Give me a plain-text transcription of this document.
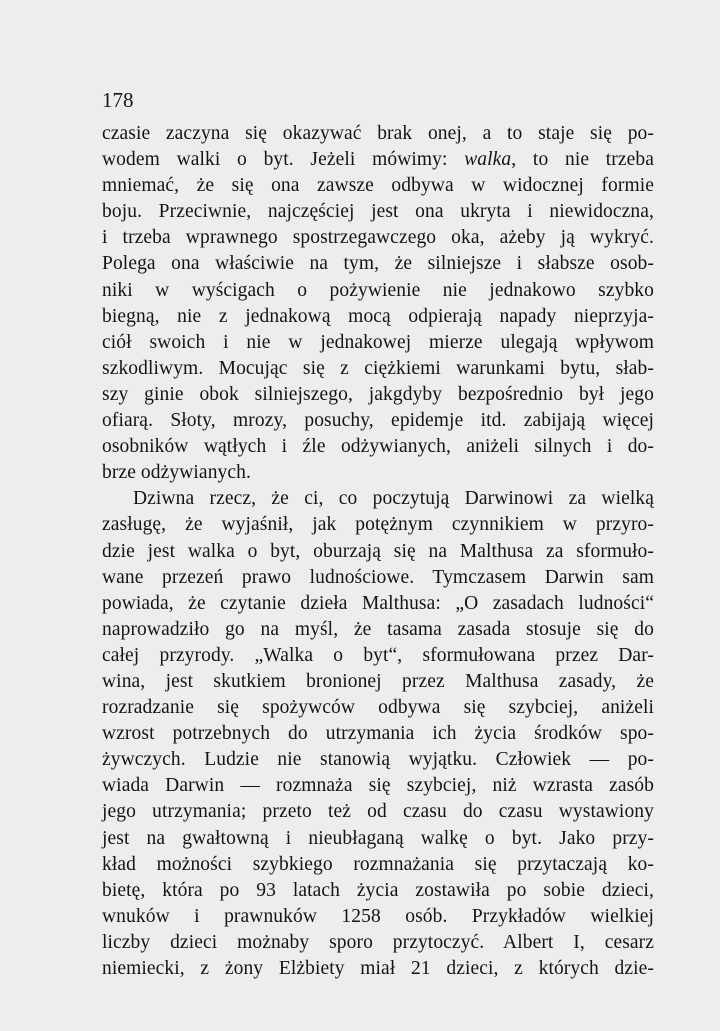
178
czasie zaczyna się okazywać brak onej, a to staje się po-
wodem walki o byt. Jeżeli mówimy: walka, to nie trzeba
mniemać, że się ona zawsze odbywa w widocznej formie
boju. Przeciwnie, najczęściej jest ona ukryta i niewidoczna,
i trzeba wprawnego spostrzegawczego oka, ażeby ją wykryć.
Polega ona właściwie na tym, że silniejsze i słabsze osob-
niki w wyścigach o pożywienie nie jednakowo szybko
biegną, nie z jednakową mocą odpierają napady nieprzyja-
ciół swoich i nie w jednakowej mierze ulegają wpływom
szkodliwym. Mocując się z ciężkiemi warunkami bytu, słab-
szy ginie obok silniejszego, jakgdyby bezpośrednio był jego
ofiarą. Słoty, mrozy, posuchy, epidemje itd. zabijają więcej
osobników wątłych i źle odżywianych, aniżeli silnych i do-
brze odżywianych.
Dziwna rzecz, że ci, co poczytują Darwinowi za wielką
zasługę, że wyjaśnił, jak potężnym czynnikiem w przyro-
dzie jest walka o byt, oburzają się na Malthusa za sformuło-
wane przezeń prawo ludnościowe. Tymczasem Darwin sam
powiada, że czytanie dzieła Malthusa: „O zasadach ludności“
naprowadziło go na myśl, że tasama zasada stosuje się do
całej przyrody. „Walka o byt“, sformułowana przez Dar-
wina, jest skutkiem bronionej przez Malthusa zasady, że
rozradzanie się spożywców odbywa się szybciej, aniżeli
wzrost potrzebnych do utrzymania ich życia środków spo-
żywczych. Ludzie nie stanowią wyjątku. Człowiek — po-
wiada Darwin — rozmnaża się szybciej, niż wzrasta zasób
jego utrzymania; przeto też od czasu do czasu wystawiony
jest na gwałtowną i nieubłaganą walkę o byt. Jako przy-
kład możności szybkiego rozmnażania się przytaczają ko-
bietę, która po 93 latach życia zostawiła po sobie dzieci,
wnuków i prawnuków 1258 osób. Przykładów wielkiej
liczby dzieci możnaby sporo przytoczyć. Albert I, cesarz
niemiecki, z żony Elżbiety miał 21 dzieci, z których dzie-
